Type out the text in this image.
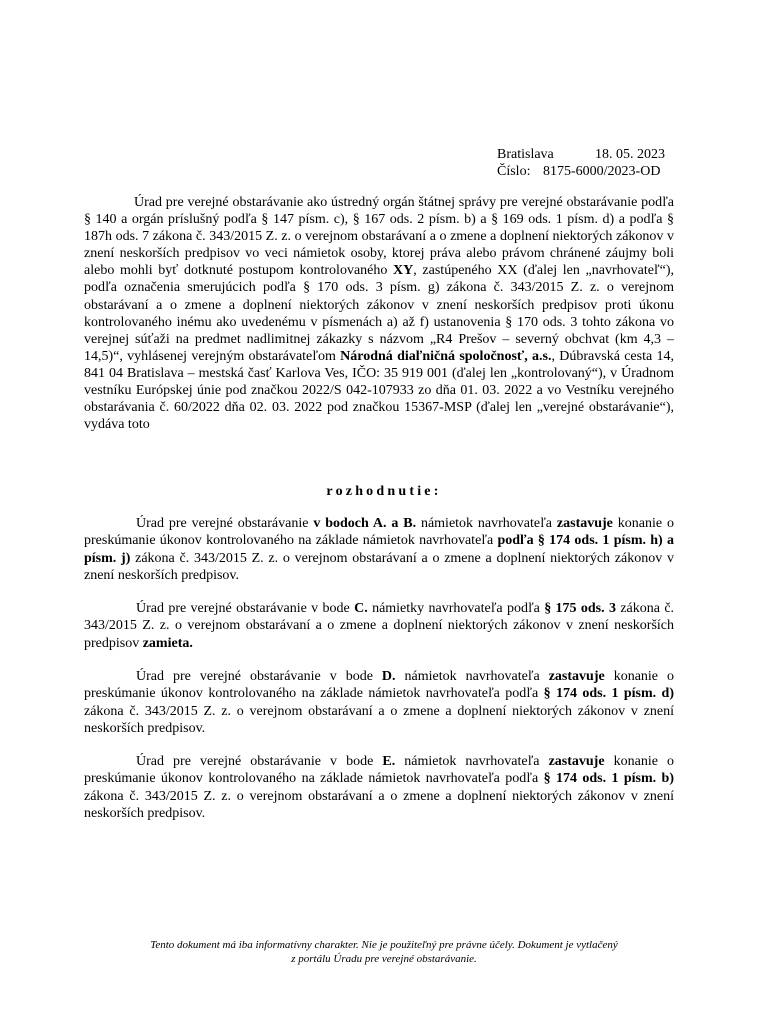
Bratislava	18. 05. 2023
Číslo: 8175-6000/2023-OD
Úrad pre verejné obstarávanie ako ústredný orgán štátnej správy pre verejné obstarávanie podľa § 140 a orgán príslušný podľa § 147 písm. c), § 167 ods. 2 písm. b) a § 169 ods. 1 písm. d) a podľa § 187h ods. 7 zákona č. 343/2015 Z. z. o verejnom obstarávaní a o zmene a doplnení niektorých zákonov v znení neskorších predpisov vo veci námietok osoby, ktorej práva alebo právom chránené záujmy boli alebo mohli byť dotknuté postupom kontrolovaného XY, zastúpeného XX (ďalej len „navrhovateľ“), podľa označenia smerujúcich podľa § 170 ods. 3 písm. g) zákona č. 343/2015 Z. z. o verejnom obstarávaní a o zmene a doplnení niektorých zákonov v znení neskorších predpisov proti úkonu kontrolovaného inému ako uvedenému v písmenách a) až f) ustanovenia § 170 ods. 3 tohto zákona vo verejnej súťaži na predmet nadlimitnej zákazky s názvom „R4 Prešov – severný obchvat (km 4,3 – 14,5)“, vyhlásenej verejným obstarávateľom Národná diaľničná spoločnosť, a.s., Dúbravská cesta 14, 841 04 Bratislava – mestská časť Karlova Ves, IČO: 35 919 001 (ďalej len „kontrolovaný“), v Úradnom vestníku Európskej únie pod značkou 2022/S 042-107933 zo dňa 01. 03. 2022 a vo Vestníku verejného obstarávania č. 60/2022 dňa 02. 03. 2022 pod značkou 15367-MSP (ďalej len „verejné obstarávanie“), vydáva toto
rozhodnutie:

Úrad pre verejné obstarávanie v bodoch A. a B. námietok navrhovateľa zastavuje konanie o preskúmanie úkonov kontrolovaného na základe námietok navrhovateľa podľa § 174 ods. 1 písm. h) a písm. j) zákona č. 343/2015 Z. z. o verejnom obstarávaní a o zmene a doplnení niektorých zákonov v znení neskorších predpisov.

Úrad pre verejné obstarávanie v bode C. námietky navrhovateľa podľa § 175 ods. 3 zákona č. 343/2015 Z. z. o verejnom obstarávaní a o zmene a doplnení niektorých zákonov v znení neskorších predpisov zamieta.

Úrad pre verejné obstarávanie v bode D. námietok navrhovateľa zastavuje konanie o preskúmanie úkonov kontrolovaného na základe námietok navrhovateľa podľa § 174 ods. 1 písm. d) zákona č. 343/2015 Z. z. o verejnom obstarávaní a o zmene a doplnení niektorých zákonov v znení neskorších predpisov.

Úrad pre verejné obstarávanie v bode E. námietok navrhovateľa zastavuje konanie o preskúmanie úkonov kontrolovaného na základe námietok navrhovateľa podľa § 174 ods. 1 písm. b) zákona č. 343/2015 Z. z. o verejnom obstarávaní a o zmene a doplnení niektorých zákonov v znení neskorších predpisov.

Tento dokument má iba informatívny charakter. Nie je použiteľný pre právne účely. Dokument je vytlačený
z portálu Úradu pre verejné obstarávanie.
